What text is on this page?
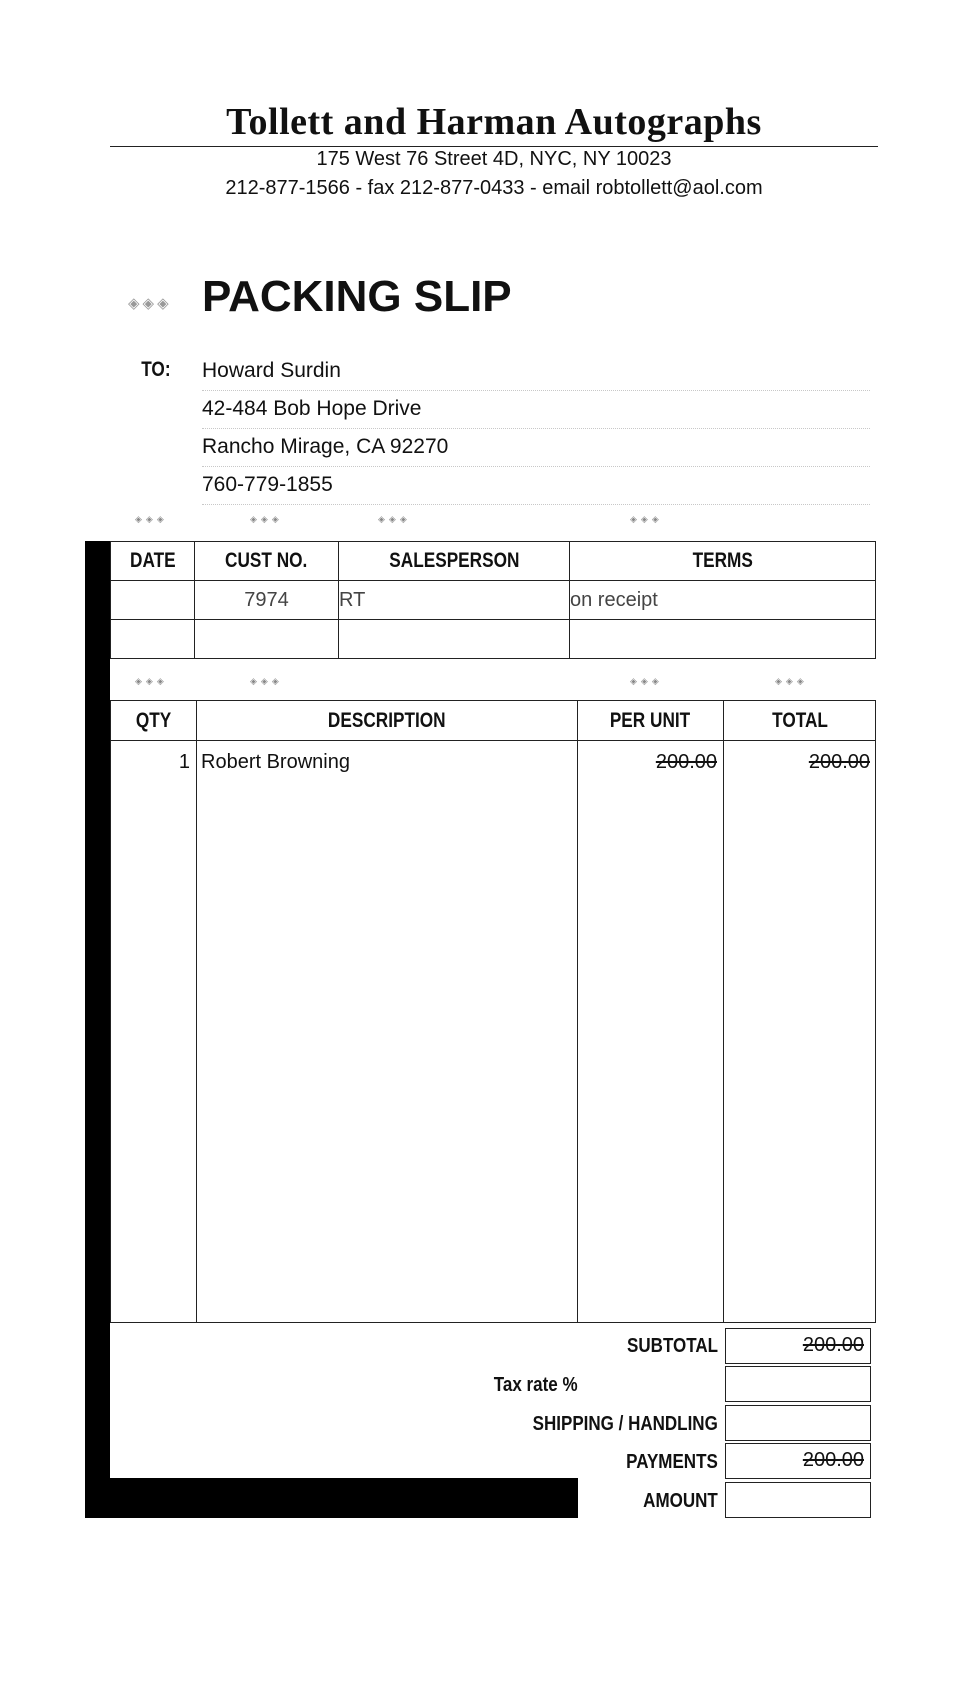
Tollett and Harman Autographs
175 West 76 Street 4D, NYC, NY 10023
212-877-1566 - fax 212-877-0433 - email robtollett@aol.com
◈◈◈ PACKING SLIP
TO: Howard Surdin
42-484 Bob Hope Drive
Rancho Mirage, CA 92270
760-779-1855
◈◈◈	◈◈◈	◈◈◈	◈◈◈
DATE	CUST NO.	SALESPERSON	TERMS
	7974	RT	on receipt

◈◈◈	◈◈◈	◈◈◈	◈◈◈
QTY	DESCRIPTION	PER UNIT	TOTAL
1 Robert Browning	200.00	200.00
SUBTOTAL	200.00
Tax rate %
SHIPPING / HANDLING
PAYMENTS	200.00
AMOUNT
